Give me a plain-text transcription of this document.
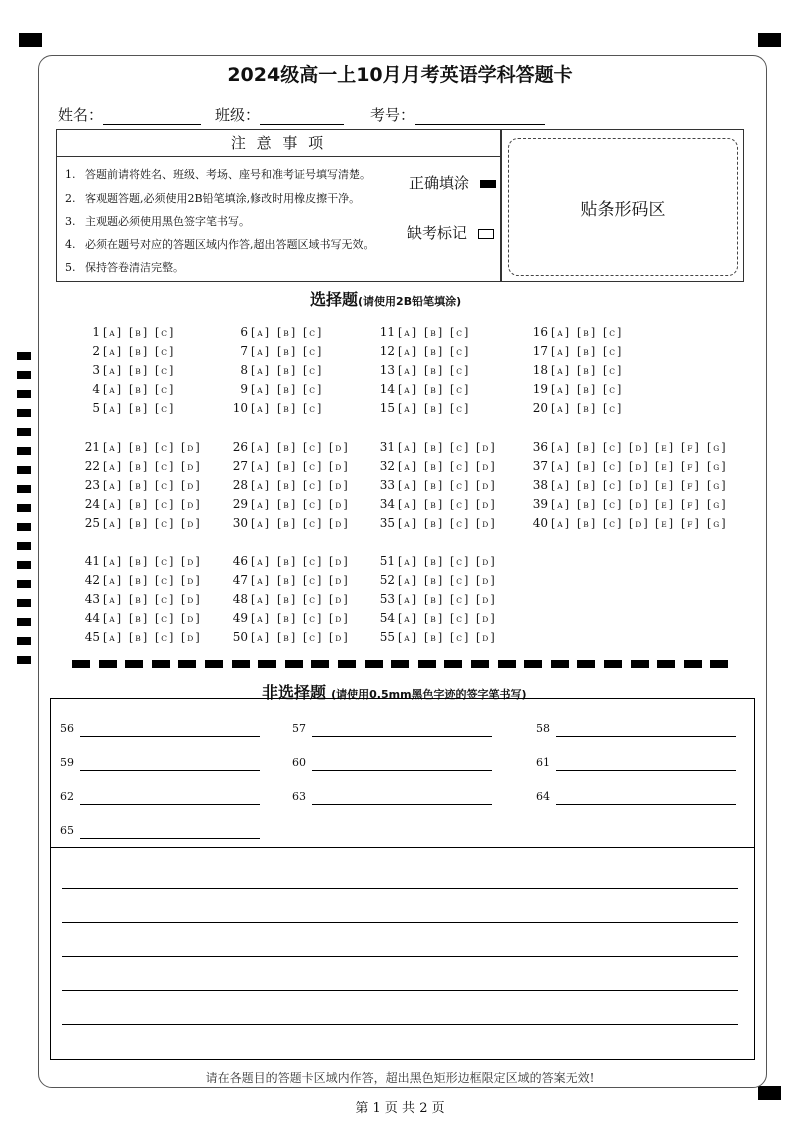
2024级高一上10月月考英语学科答题卡
姓名：	班级：	考号：
注 意 事 项
1. 答题前请将姓名、班级、考场、座号和准考证号填写清楚。
2. 客观题答题,必须使用2B铅笔填涂,修改时用橡皮擦干净。
3. 主观题必须使用黑色签字笔书写。
4. 必须在题号对应的答题区域内作答,超出答题区域书写无效。
5. 保持答卷清洁完整。
正确填涂
缺考标记
贴条形码区
选择题(请使用2B铅笔填涂)
1 [ A ] [ B ] [ C ]
2 [ A ] [ B ] [ C ]
3 [ A ] [ B ] [ C ]
4 [ A ] [ B ] [ C ]
5 [ A ] [ B ] [ C ]
6 [ A ] [ B ] [ C ]
7 [ A ] [ B ] [ C ]
8 [ A ] [ B ] [ C ]
9 [ A ] [ B ] [ C ]
10 [ A ] [ B ] [ C ]
11 [ A ] [ B ] [ C ]
12 [ A ] [ B ] [ C ]
13 [ A ] [ B ] [ C ]
14 [ A ] [ B ] [ C ]
15 [ A ] [ B ] [ C ]
16 [ A ] [ B ] [ C ]
17 [ A ] [ B ] [ C ]
18 [ A ] [ B ] [ C ]
19 [ A ] [ B ] [ C ]
20 [ A ] [ B ] [ C ]
21 [ A ] [ B ] [ C ] [ D ]
22 [ A ] [ B ] [ C ] [ D ]
23 [ A ] [ B ] [ C ] [ D ]
24 [ A ] [ B ] [ C ] [ D ]
25 [ A ] [ B ] [ C ] [ D ]
26 [ A ] [ B ] [ C ] [ D ]
27 [ A ] [ B ] [ C ] [ D ]
28 [ A ] [ B ] [ C ] [ D ]
29 [ A ] [ B ] [ C ] [ D ]
30 [ A ] [ B ] [ C ] [ D ]
31 [ A ] [ B ] [ C ] [ D ]
32 [ A ] [ B ] [ C ] [ D ]
33 [ A ] [ B ] [ C ] [ D ]
34 [ A ] [ B ] [ C ] [ D ]
35 [ A ] [ B ] [ C ] [ D ]
36 [ A ] [ B ] [ C ] [ D ] [ E ] [ F ] [ G ]
37 [ A ] [ B ] [ C ] [ D ] [ E ] [ F ] [ G ]
38 [ A ] [ B ] [ C ] [ D ] [ E ] [ F ] [ G ]
39 [ A ] [ B ] [ C ] [ D ] [ E ] [ F ] [ G ]
40 [ A ] [ B ] [ C ] [ D ] [ E ] [ F ] [ G ]
41 [ A ] [ B ] [ C ] [ D ]
42 [ A ] [ B ] [ C ] [ D ]
43 [ A ] [ B ] [ C ] [ D ]
44 [ A ] [ B ] [ C ] [ D ]
45 [ A ] [ B ] [ C ] [ D ]
46 [ A ] [ B ] [ C ] [ D ]
47 [ A ] [ B ] [ C ] [ D ]
48 [ A ] [ B ] [ C ] [ D ]
49 [ A ] [ B ] [ C ] [ D ]
50 [ A ] [ B ] [ C ] [ D ]
51 [ A ] [ B ] [ C ] [ D ]
52 [ A ] [ B ] [ C ] [ D ]
53 [ A ] [ B ] [ C ] [ D ]
54 [ A ] [ B ] [ C ] [ D ]
55 [ A ] [ B ] [ C ] [ D ]
非选择题 (请使用0.5mm黑色字迹的签字笔书写)
56	57	58
59	60	61
62	63	64
65
请在各题目的答题卡区域内作答，超出黑色矩形边框限定区域的答案无效!
第 1 页 共 2 页
